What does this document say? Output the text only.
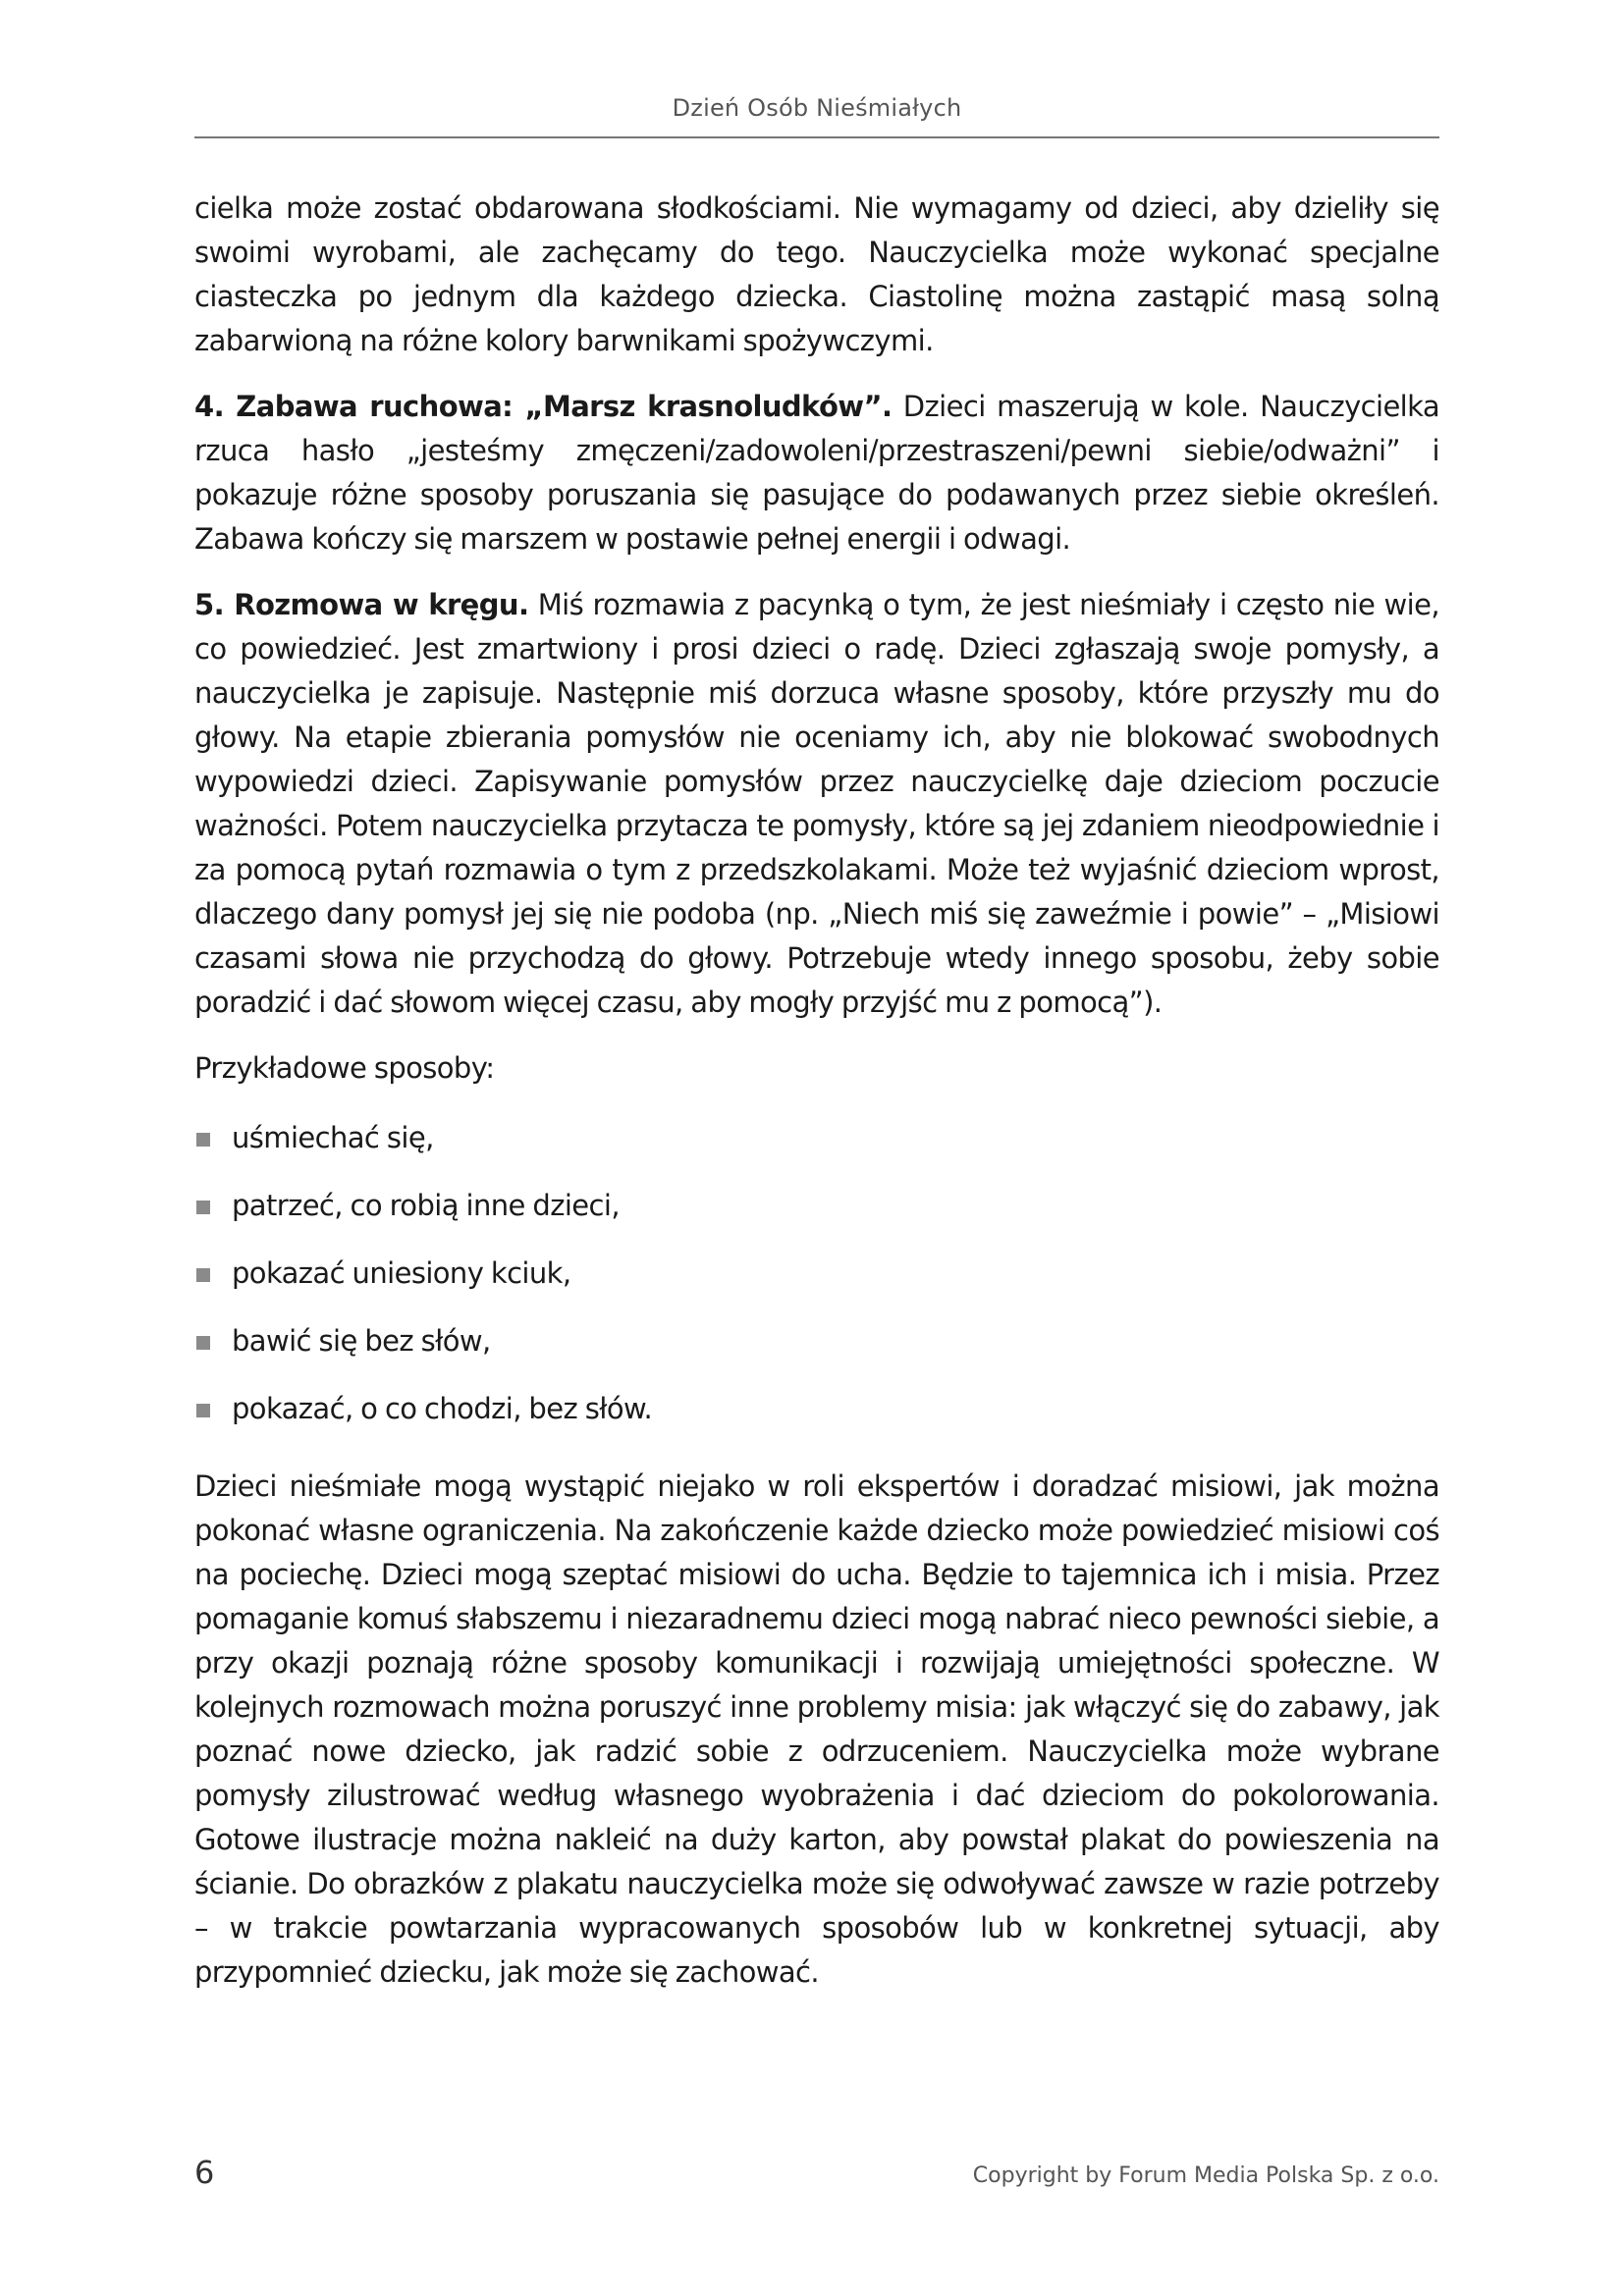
Dzień Osób Nieśmiałych

cielka może zostać obdarowana słodkościami. Nie wymagamy od dzieci, aby dzieliły się swoimi wyrobami, ale zachęcamy do tego. Nauczycielka może wykonać specjalne ciasteczka po jednym dla każdego dziecka. Ciastolinę można zastąpić masą solną zabarwioną na różne kolory barwnikami spożywczymi.

4. Zabawa ruchowa: „Marsz krasnoludków”. Dzieci maszerują w kole. Nauczycielka rzuca hasło „jesteśmy zmęczeni/zadowoleni/przestraszeni/pewni siebie/odważni” i pokazuje różne sposoby poruszania się pasujące do podawanych przez siebie określeń. Zabawa kończy się marszem w postawie pełnej energii i odwagi.

5. Rozmowa w kręgu. Miś rozmawia z pacynką o tym, że jest nieśmiały i często nie wie, co powiedzieć. Jest zmartwiony i prosi dzieci o radę. Dzieci zgłaszają swoje pomysły, a nauczycielka je zapisuje. Następnie miś dorzuca własne sposoby, które przyszły mu do głowy. Na etapie zbierania pomysłów nie oceniamy ich, aby nie blokować swobodnych wypowiedzi dzieci. Zapisywanie pomysłów przez nauczycielkę daje dzieciom poczucie ważności. Potem nauczycielka przytacza te pomysły, które są jej zdaniem nieodpowiednie i za pomocą pytań rozmawia o tym z przedszkolakami. Może też wyjaśnić dzieciom wprost, dlaczego dany pomysł jej się nie podoba (np. „Niech miś się zaweźmie i powie” – „Misiowi czasami słowa nie przychodzą do głowy. Potrzebuje wtedy innego sposobu, żeby sobie poradzić i dać słowom więcej czasu, aby mogły przyjść mu z pomocą”).

Przykładowe sposoby:

uśmiechać się,
patrzeć, co robią inne dzieci,
pokazać uniesiony kciuk,
bawić się bez słów,
pokazać, o co chodzi, bez słów.

Dzieci nieśmiałe mogą wystąpić niejako w roli ekspertów i doradzać misiowi, jak można pokonać własne ograniczenia. Na zakończenie każde dziecko może powiedzieć misiowi coś na pociechę. Dzieci mogą szeptać misiowi do ucha. Będzie to tajemnica ich i misia. Przez pomaganie komuś słabszemu i niezaradnemu dzieci mogą nabrać nieco pewności siebie, a przy okazji poznają różne sposoby komunikacji i rozwijają umiejętności społeczne. W kolejnych rozmowach można poruszyć inne problemy misia: jak włączyć się do zabawy, jak poznać nowe dziecko, jak radzić sobie z odrzuceniem. Nauczycielka może wybrane pomysły zilustrować według własnego wyobrażenia i dać dzieciom do pokolorowania. Gotowe ilustracje można nakleić na duży karton, aby powstał plakat do powieszenia na ścianie. Do obrazków z plakatu nauczycielka może się odwoływać zawsze w razie potrzeby – w trakcie powtarzania wypracowanych sposobów lub w konkretnej sytuacji, aby przypomnieć dziecku, jak może się zachować.

6	Copyright by Forum Media Polska Sp. z o.o.
